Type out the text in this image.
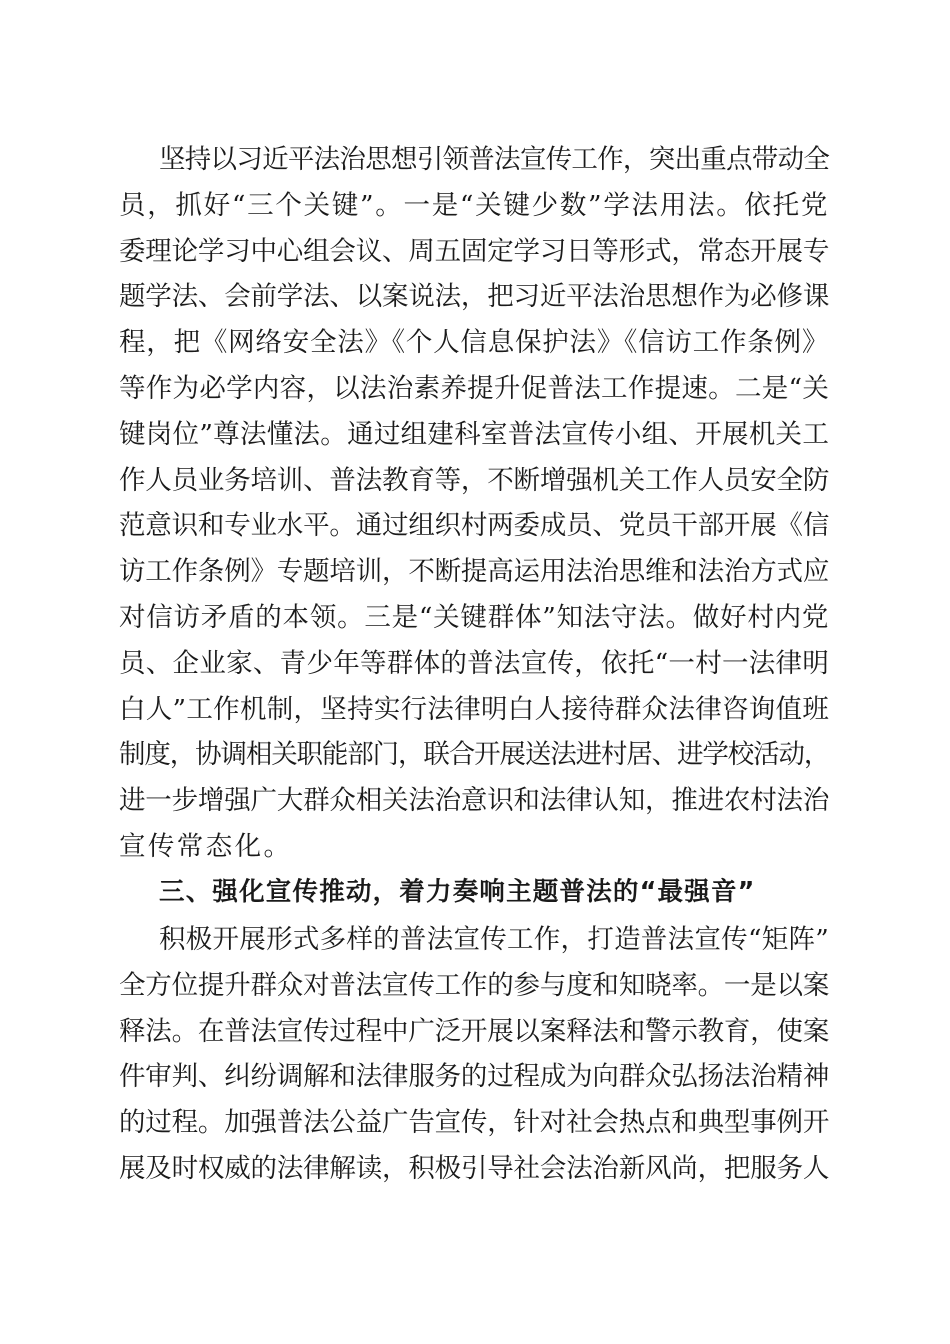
坚持以习近平法治思想引领普法宣传工作，突出重点带动全
员，抓好“三个关键”。一是“关键少数”学法用法。依托党
委理论学习中心组会议、周五固定学习日等形式，常态开展专
题学法、会前学法、以案说法，把习近平法治思想作为必修课
程，把《网络安全法》《个人信息保护法》《信访工作条例》
等作为必学内容，以法治素养提升促普法工作提速。二是“关
键岗位”尊法懂法。通过组建科室普法宣传小组、开展机关工
作人员业务培训、普法教育等，不断增强机关工作人员安全防
范意识和专业水平。通过组织村两委成员、党员干部开展《信
访工作条例》专题培训，不断提高运用法治思维和法治方式应
对信访矛盾的本领。三是“关键群体”知法守法。做好村内党
员、企业家、青少年等群体的普法宣传，依托“一村一法律明
白人”工作机制，坚持实行法律明白人接待群众法律咨询值班
制度，协调相关职能部门，联合开展送法进村居、进学校活动，
进一步增强广大群众相关法治意识和法律认知，推进农村法治
宣传常态化。
三、强化宣传推动，着力奏响主题普法的“最强音”
积极开展形式多样的普法宣传工作，打造普法宣传“矩阵”
全方位提升群众对普法宣传工作的参与度和知晓率。一是以案
释法。在普法宣传过程中广泛开展以案释法和警示教育，使案
件审判、纠纷调解和法律服务的过程成为向群众弘扬法治精神
的过程。加强普法公益广告宣传，针对社会热点和典型事例开
展及时权威的法律解读，积极引导社会法治新风尚，把服务人
